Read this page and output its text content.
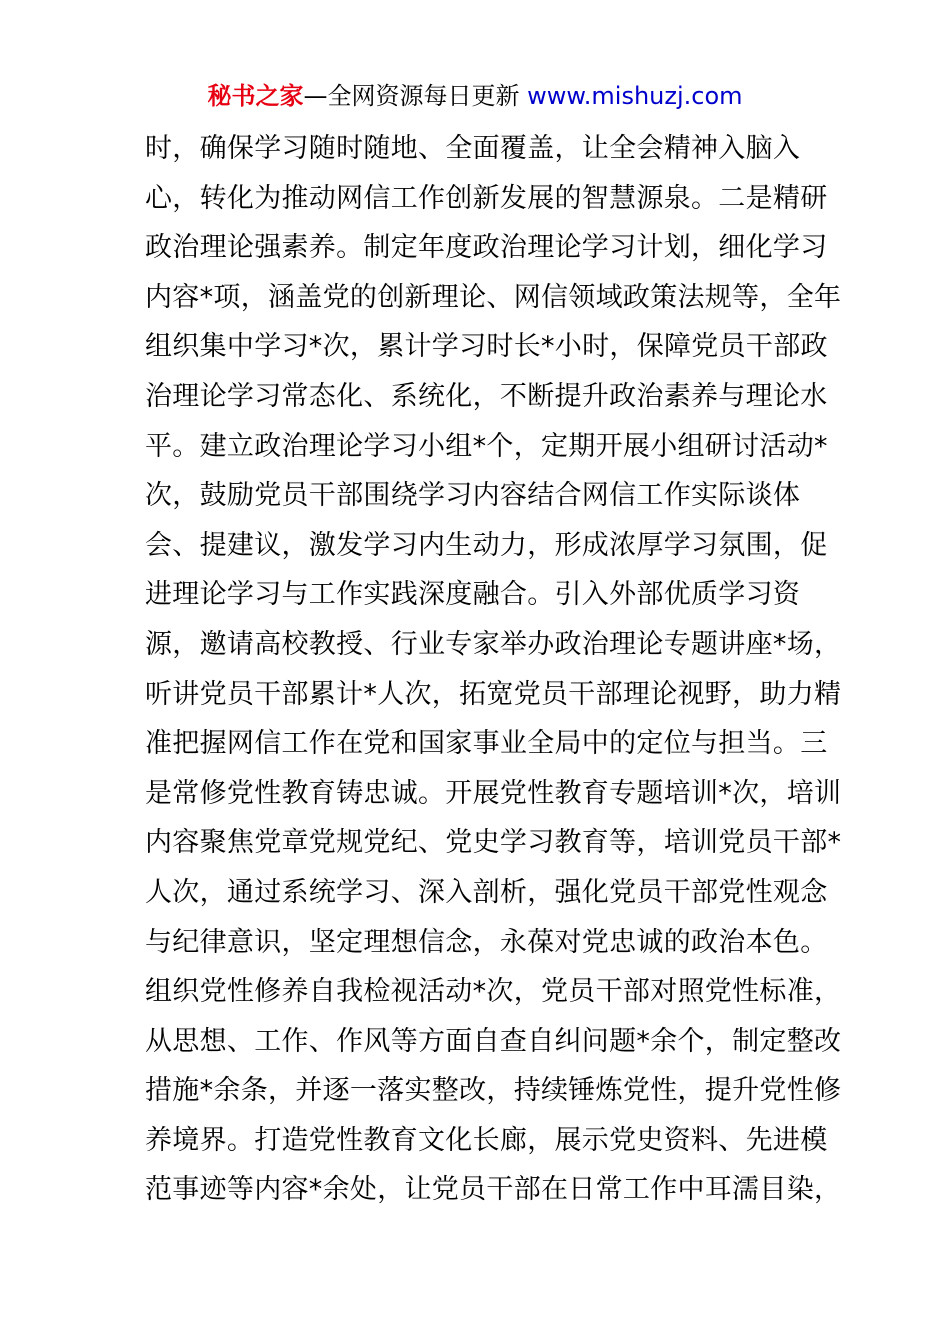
秘书之家—全网资源每日更新 www.mishuzj.com
时，确保学习随时随地、全面覆盖，让全会精神入脑入
心，转化为推动网信工作创新发展的智慧源泉。二是精研
政治理论强素养。制定年度政治理论学习计划，细化学习
内容*项，涵盖党的创新理论、网信领域政策法规等，全年
组织集中学习*次，累计学习时长*小时，保障党员干部政
治理论学习常态化、系统化，不断提升政治素养与理论水
平。建立政治理论学习小组*个，定期开展小组研讨活动*
次，鼓励党员干部围绕学习内容结合网信工作实际谈体
会、提建议，激发学习内生动力，形成浓厚学习氛围，促
进理论学习与工作实践深度融合。引入外部优质学习资
源，邀请高校教授、行业专家举办政治理论专题讲座*场，
听讲党员干部累计*人次，拓宽党员干部理论视野，助力精
准把握网信工作在党和国家事业全局中的定位与担当。三
是常修党性教育铸忠诚。开展党性教育专题培训*次，培训
内容聚焦党章党规党纪、党史学习教育等，培训党员干部*
人次，通过系统学习、深入剖析，强化党员干部党性观念
与纪律意识，坚定理想信念，永葆对党忠诚的政治本色。
组织党性修养自我检视活动*次，党员干部对照党性标准，
从思想、工作、作风等方面自查自纠问题*余个，制定整改
措施*余条，并逐一落实整改，持续锤炼党性，提升党性修
养境界。打造党性教育文化长廊，展示党史资料、先进模
范事迹等内容*余处，让党员干部在日常工作中耳濡目染，
